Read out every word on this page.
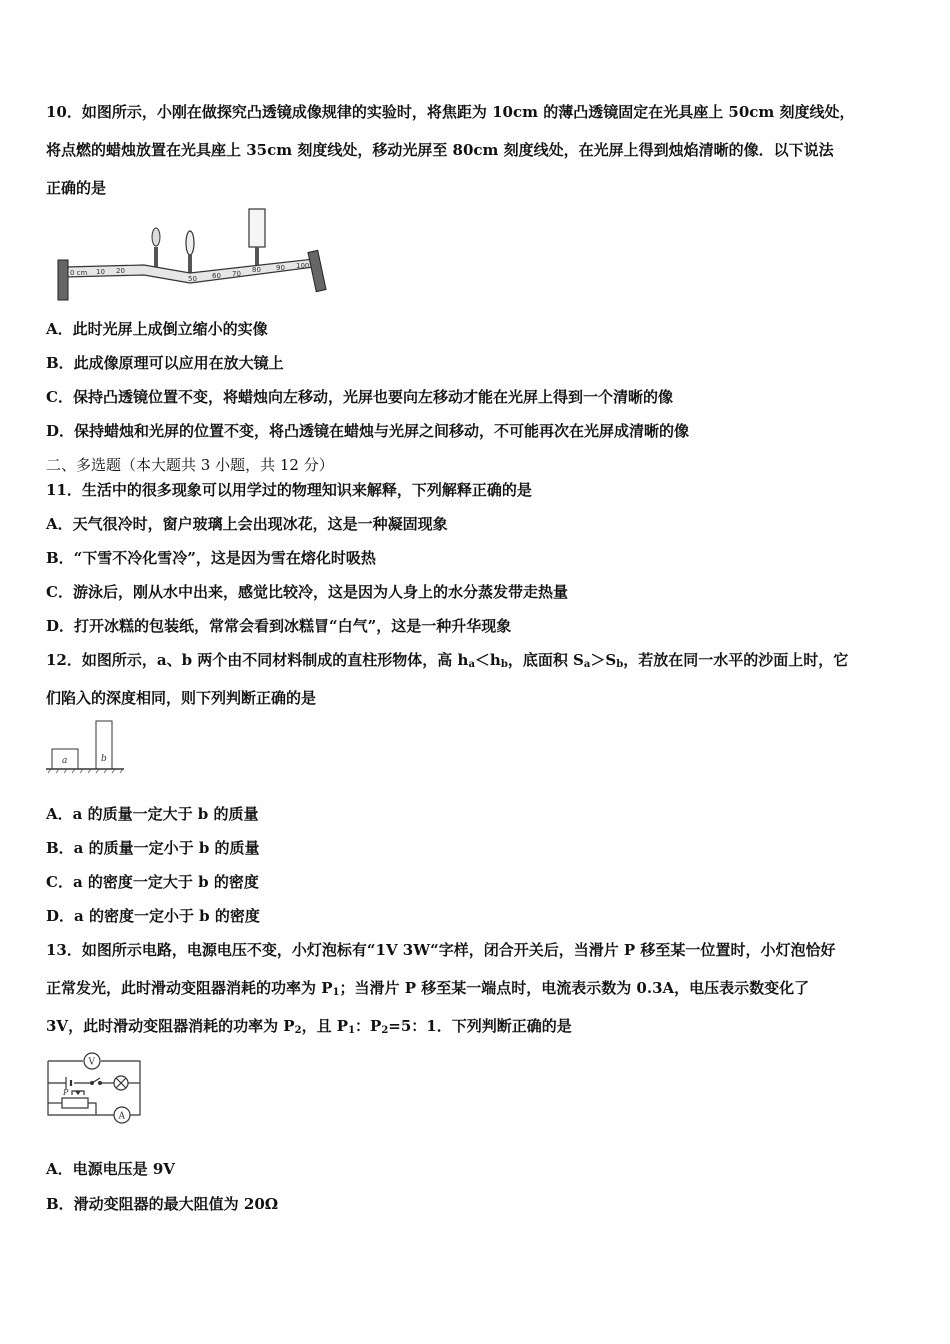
10．如图所示，小刚在做探究凸透镜成像规律的实验时，将焦距为 10cm 的薄凸透镜固定在光具座上 50cm 刻度线处，
将点燃的蜡烛放置在光具座上 35cm 刻度线处，移动光屏至 80cm 刻度线处，在光屏上得到烛焰清晰的像．以下说法
正确的是
0 cm 10 20
50 60 70 80 90 100
A．此时光屏上成倒立缩小的实像
B．此成像原理可以应用在放大镜上
C．保持凸透镜位置不变，将蜡烛向左移动，光屏也要向左移动才能在光屏上得到一个清晰的像
D．保持蜡烛和光屏的位置不变，将凸透镜在蜡烛与光屏之间移动，不可能再次在光屏成清晰的像
二、多选题（本大题共 3 小题，共 12 分）
11．生活中的很多现象可以用学过的物理知识来解释，下列解释正确的是
A．天气很冷时，窗户玻璃上会出现冰花，这是一种凝固现象
B．“下雪不冷化雪冷”，这是因为雪在熔化时吸热
C．游泳后，刚从水中出来，感觉比较冷，这是因为人身上的水分蒸发带走热量
D．打开冰糕的包装纸，常常会看到冰糕冒“白气”，这是一种升华现象
12．如图所示，a、b 两个由不同材料制成的直柱形物体，高 $h_a<h_b$，底面积 $S_a>S_b$，若放在同一水平的沙面上时，它
们陷入的深度相同，则下列判断正确的是
a	b
A．a 的质量一定大于 b 的质量
B．a 的质量一定小于 b 的质量
C．a 的密度一定大于 b 的密度
D．a 的密度一定小于 b 的密度
13．如图所示电路，电源电压不变，小灯泡标有“1V 3W“字样，闭合开关后，当滑片 P 移至某一位置时，小灯泡恰好
正常发光，此时滑动变阻器消耗的功率为 $P_1$；当滑片 P 移至某一端点时，电流表示数为 0.3A，电压表示数变化了
3V，此时滑动变阻器消耗的功率为 $P_2$，且 $P_1$：$P_2=5$：1．下列判断正确的是
V
P
A
A．电源电压是 9V
B．滑动变阻器的最大阻值为 20Ω
